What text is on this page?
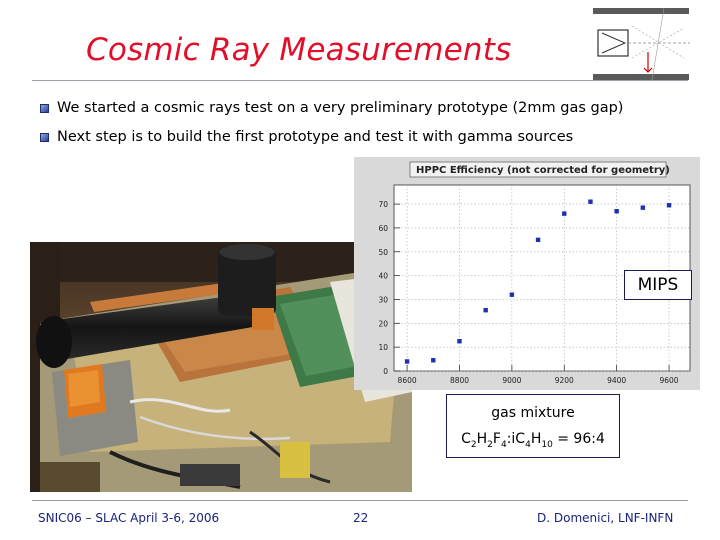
Cosmic Ray Measurements
We started a cosmic rays test on a very preliminary prototype (2mm gas gap)
Next step is to build the first prototype and test it with gamma sources
HPPC Efficiency (not corrected for geometry)
0
10
20
30
40
50
60
70
8600	8800	9000	9200	9400	9600
MIPS
gas mixture
$C_2H_2F_4:iC_4H_{10}$ = 96:4
SNIC06 – SLAC April 3-6, 2006	22	D. Domenici, LNF-INFN
